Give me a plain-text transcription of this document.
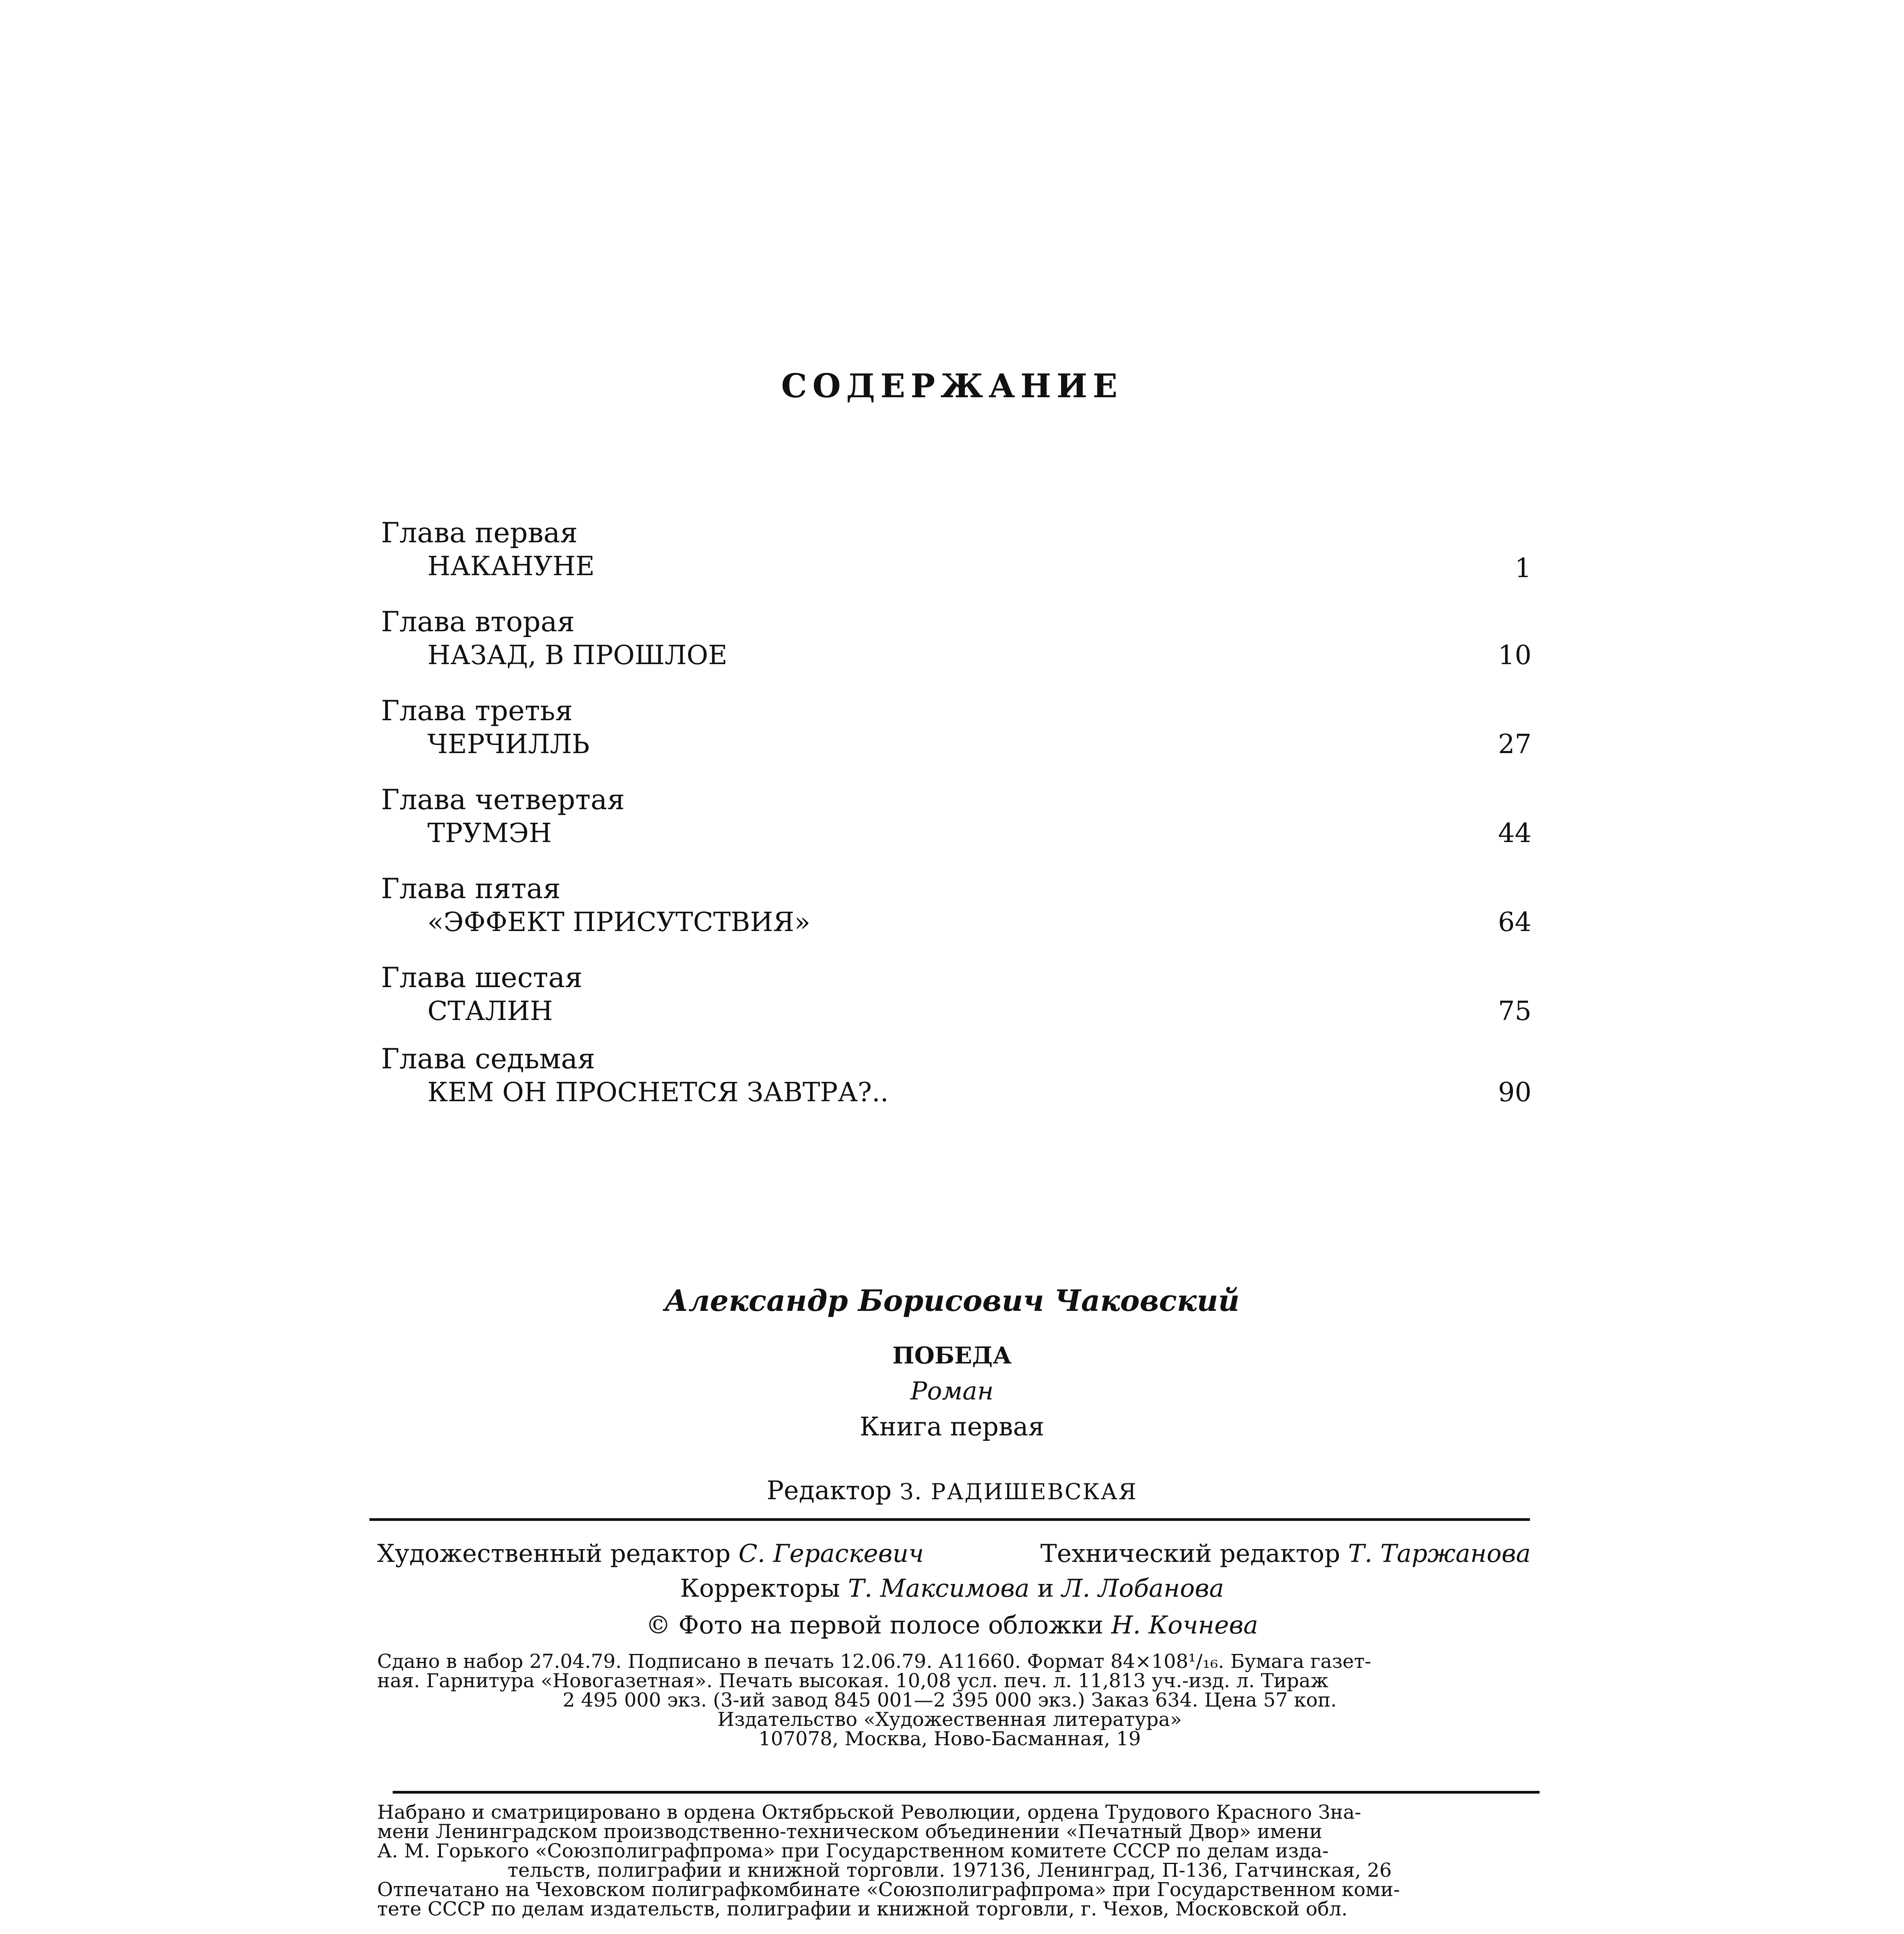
СОДЕРЖАНИЕ
Глава первая
НАКАНУНЕ	1
Глава вторая
НАЗАД, В ПРОШЛОЕ	10
Глава третья
ЧЕРЧИЛЛЬ	27
Глава четвертая
ТРУМЭН	44
Глава пятая
«ЭФФЕКТ ПРИСУТСТВИЯ»	64
Глава шестая
СТАЛИН	75
Глава седьмая
КЕМ ОН ПРОСНЕТСЯ ЗАВТРА?..	90
Александр Борисович Чаковский
ПОБЕДА
Роман
Книга первая
Редактор З. РАДИШЕВСКАЯ
Художественный редактор С. Гераскевич	Технический редактор Т. Таржанова
Корректоры Т. Максимова и Л. Лобанова
© Фото на первой полосе обложки Н. Кочнева
Сдано в набор 27.04.79. Подписано в печать 12.06.79. А11660. Формат 84×108¹/₁₆. Бумага газет-
ная. Гарнитура «Новогазетная». Печать высокая. 10,08 усл. печ. л. 11,813 уч.-изд. л. Тираж
2 495 000 экз. (3-ий завод 845 001—2 395 000 экз.) Заказ 634. Цена 57 коп.
Издательство «Художественная литература»
107078, Москва, Ново-Басманная, 19
Набрано и сматрицировано в ордена Октябрьской Революции, ордена Трудового Красного Зна-
мени Ленинградском производственно-техническом объединении «Печатный Двор» имени
А. М. Горького «Союзполиграфпрома» при Государственном комитете СССР по делам изда-
тельств, полиграфии и книжной торговли. 197136, Ленинград, П-136, Гатчинская, 26
Отпечатано на Чеховском полиграфкомбинате «Союзполиграфпрома» при Государственном коми-
тете СССР по делам издательств, полиграфии и книжной торговли, г. Чехов, Московской обл.
